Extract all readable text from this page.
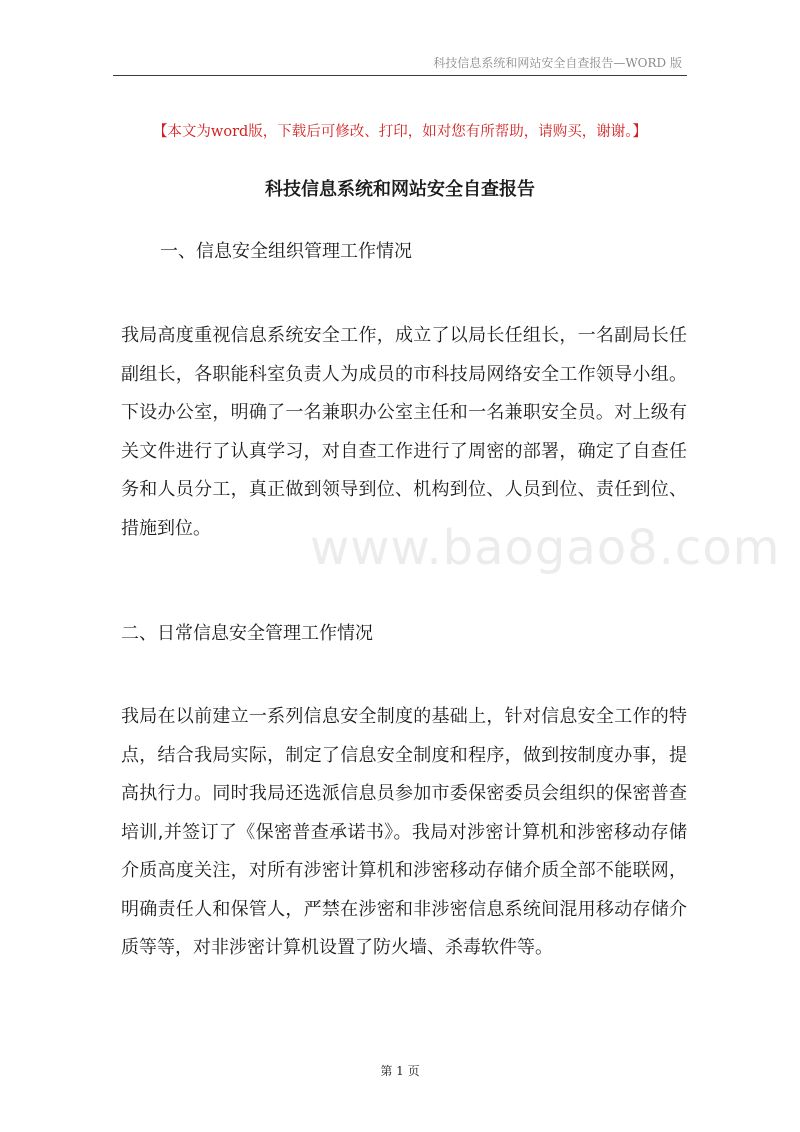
科技信息系统和网站安全自查报告—WORD 版
www.baogao8.com
【本文为word版，下载后可修改、打印，如对您有所帮助，请购买，谢谢。】
科技信息系统和网站安全自查报告
一、信息安全组织管理工作情况

我局高度重视信息系统安全工作，成立了以局长任组长，一名副局长任副组长，各职能科室负责人为成员的市科技局网络安全工作领导小组。下设办公室，明确了一名兼职办公室主任和一名兼职安全员。对上级有关文件进行了认真学习，对自查工作进行了周密的部署，确定了自查任务和人员分工，真正做到领导到位、机构到位、人员到位、责任到位、措施到位。

二、日常信息安全管理工作情况

我局在以前建立一系列信息安全制度的基础上，针对信息安全工作的特点，结合我局实际，制定了信息安全制度和程序，做到按制度办事，提高执行力。同时我局还选派信息员参加市委保密委员会组织的保密普查培训,并签订了《保密普查承诺书》。我局对涉密计算机和涉密移动存储介质高度关注，对所有涉密计算机和涉密移动存储介质全部不能联网，明确责任人和保管人，严禁在涉密和非涉密信息系统间混用移动存储介质等等，对非涉密计算机设置了防火墙、杀毒软件等。

第 1 页
